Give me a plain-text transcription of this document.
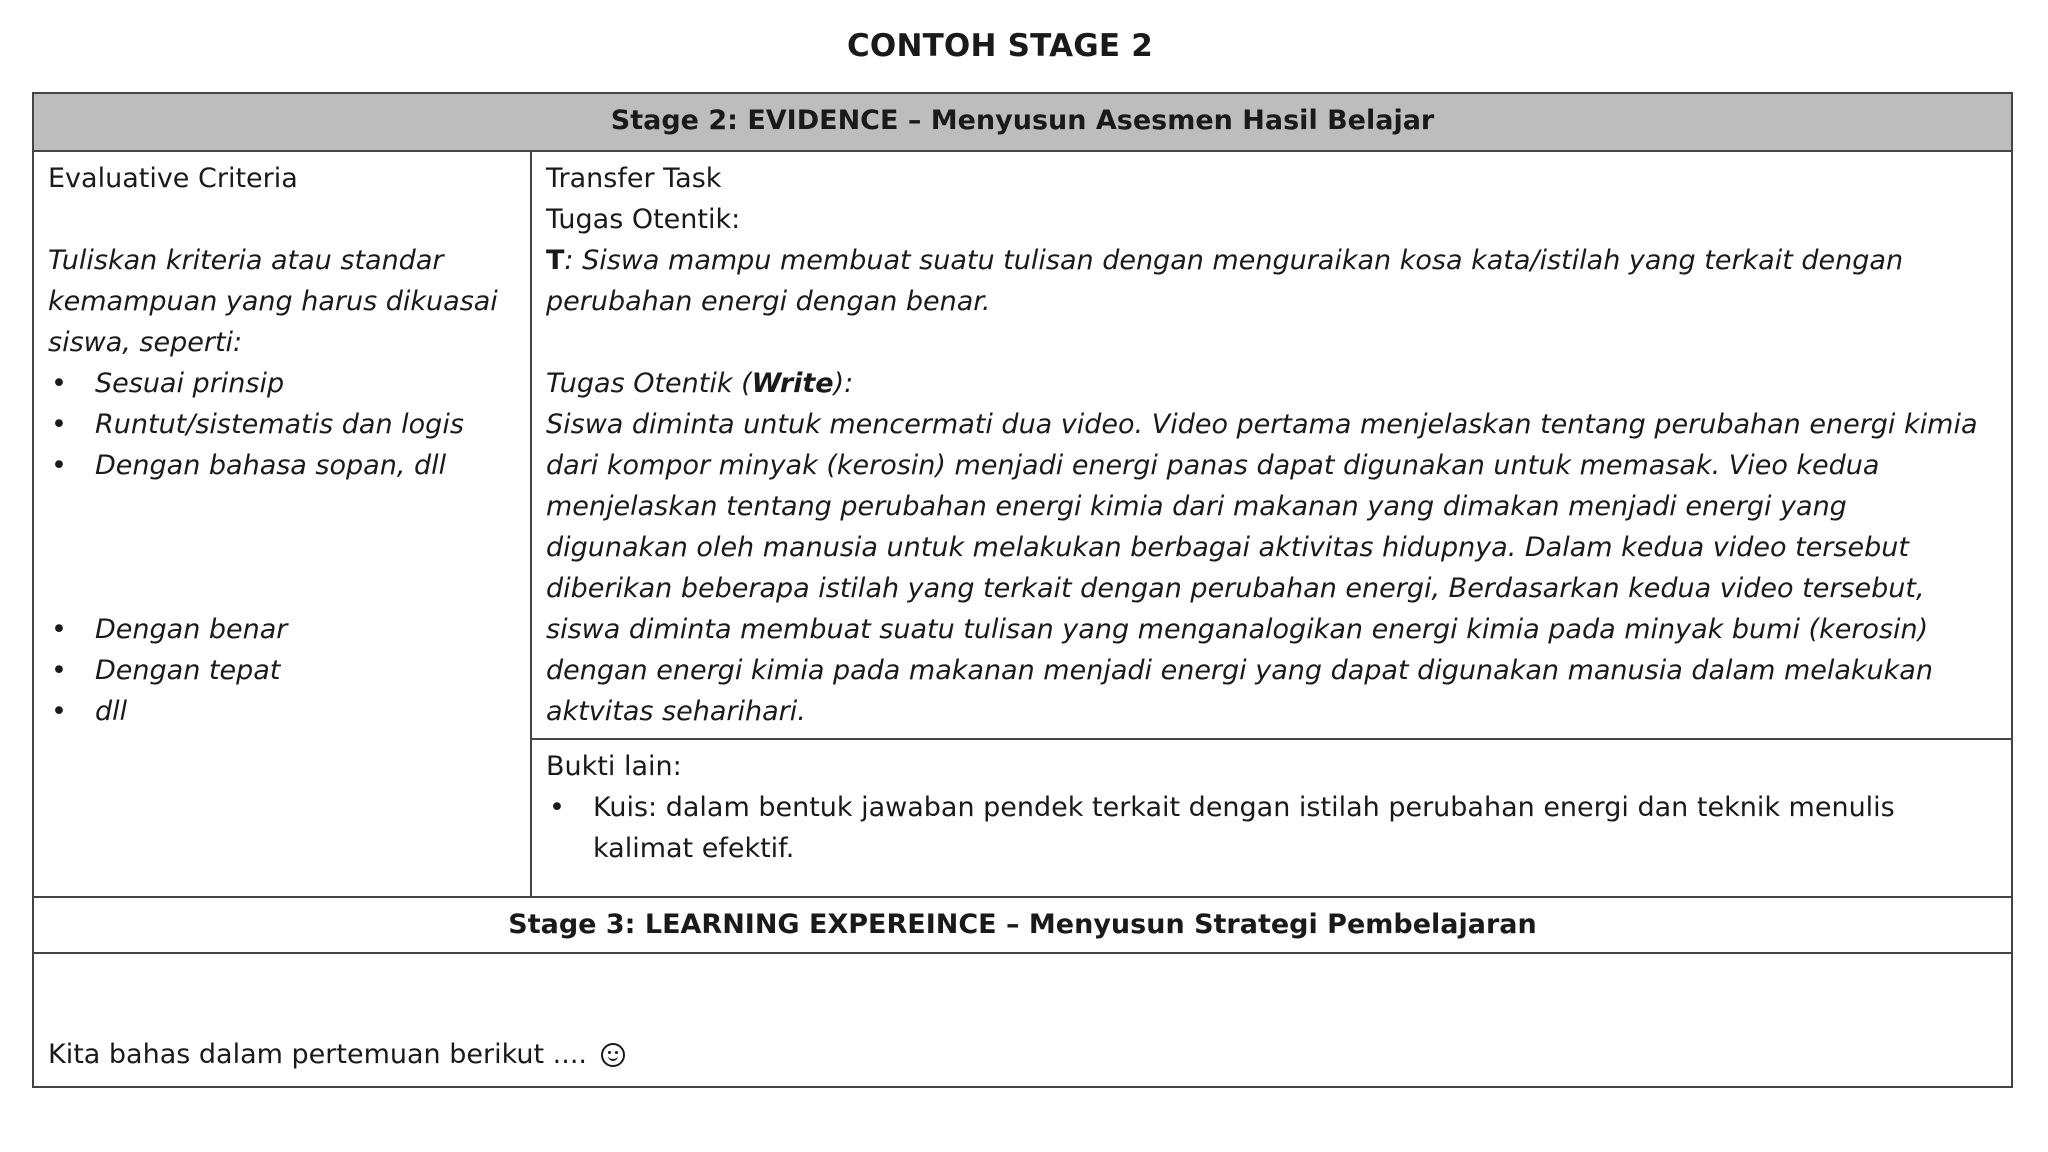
CONTOH STAGE 2
Stage 2: EVIDENCE – Menyusun Asesmen Hasil Belajar

Evaluative Criteria

Tuliskan kriteria atau standar kemampuan yang harus dikuasai siswa, seperti:

• Sesuai prinsip
• Runtut/sistematis dan logis
• Dengan bahasa sopan, dll
• Dengan benar
• Dengan tepat
• dll

Transfer Task

Tugas Otentik:

T: Siswa mampu membuat suatu tulisan dengan menguraikan kosa kata/istilah yang terkait dengan perubahan energi dengan benar.

Tugas Otentik (Write):

Siswa diminta untuk mencermati dua video. Video pertama menjelaskan tentang perubahan energi kimia dari kompor minyak (kerosin) menjadi energi panas dapat digunakan untuk memasak. Vieo kedua menjelaskan tentang perubahan energi kimia dari makanan yang dimakan menjadi energi yang digunakan oleh manusia untuk melakukan berbagai aktivitas hidupnya. Dalam kedua video tersebut diberikan beberapa istilah yang terkait dengan perubahan energi, Berdasarkan kedua video tersebut, siswa diminta membuat suatu tulisan yang menganalogikan energi kimia pada minyak bumi (kerosin) dengan energi kimia pada makanan menjadi energi yang dapat digunakan manusia dalam melakukan aktvitas seharihari.

Bukti lain:

• Kuis: dalam bentuk jawaban pendek terkait dengan istilah perubahan energi dan teknik menulis kalimat efektif.
Stage 3: LEARNING EXPEREINCE – Menyusun Strategi Pembelajaran
Kita bahas dalam pertemuan berikut ....
